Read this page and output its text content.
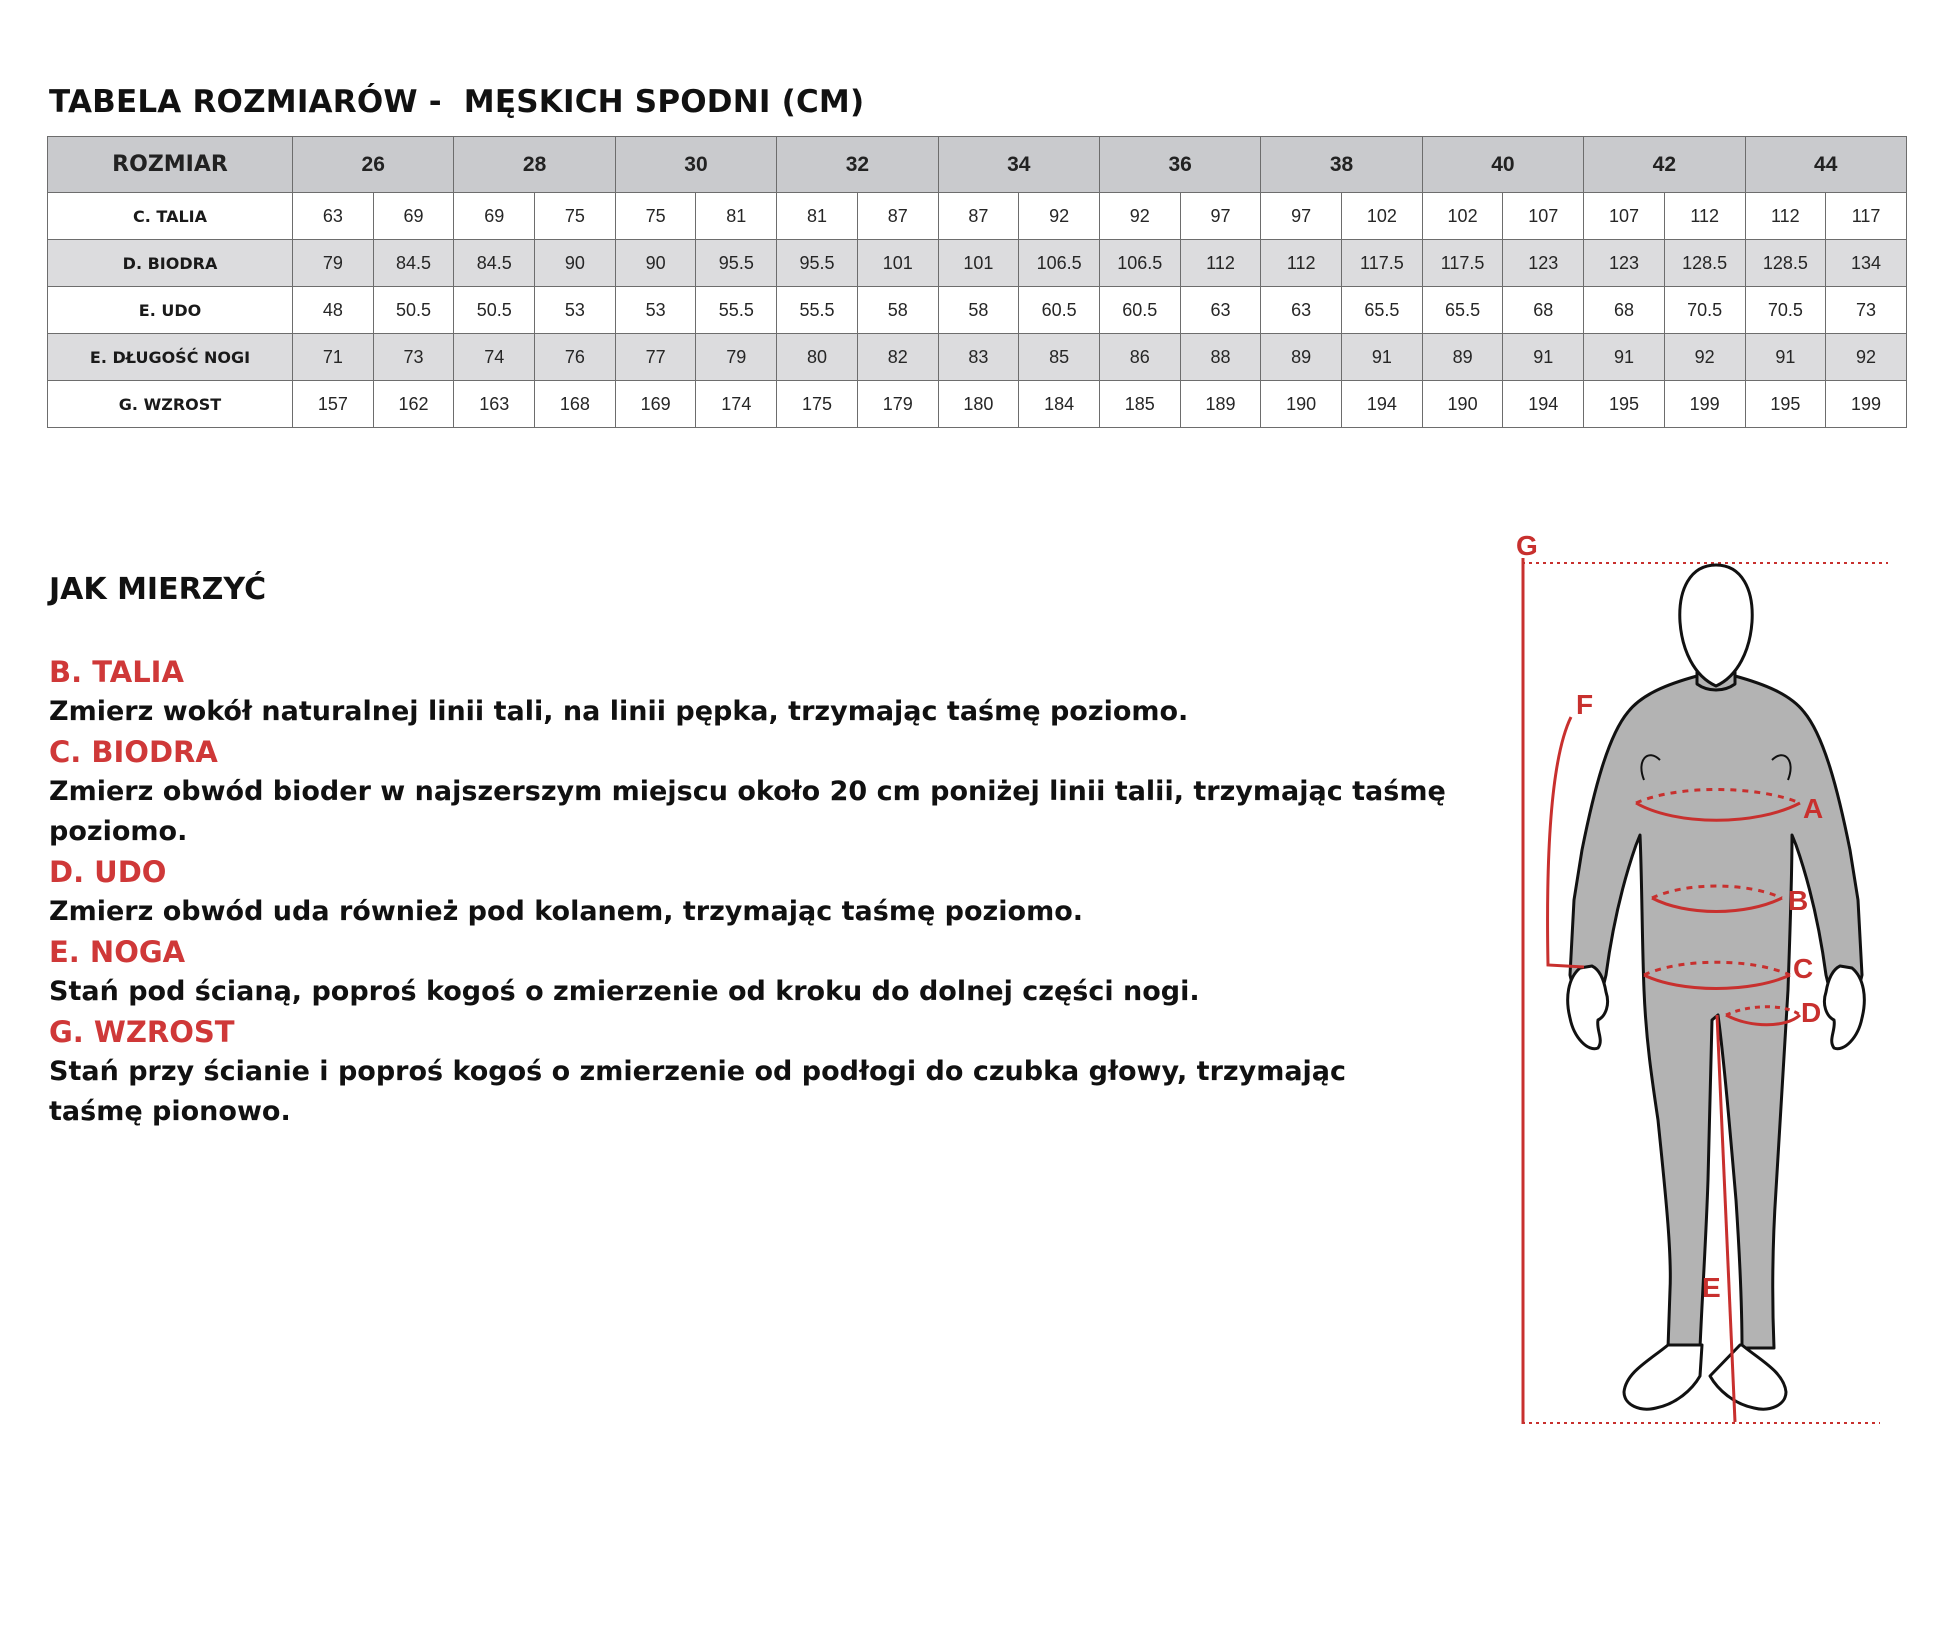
TABELA ROZMIARÓW -  MĘSKICH SPODNI (CM)
ROZMIAR	26		28		30		32		34		36		38		40		42		44	
C. TALIA	63	69	69	75	75	81	81	87	87	92	92	97	97	102	102	107	107	112	112	117
D. BIODRA	79	84.5	84.5	90	90	95.5	95.5	101	101	106.5	106.5	112	112	117.5	117.5	123	123	128.5	128.5	134
E. UDO	48	50.5	50.5	53	53	55.5	55.5	58	58	60.5	60.5	63	63	65.5	65.5	68	68	70.5	70.5	73
E. DŁUGOŚĆ NOGI	71	73	74	76	77	79	80	82	83	85	86	88	89	91	89	91	91	92	91	92
G. WZROST	157	162	163	168	169	174	175	179	180	184	185	189	190	194	190	194	195	199	195	199
JAK MIERZYĆ
B. TALIA
Zmierz wokół naturalnej linii tali, na linii pępka, trzymając taśmę poziomo.
C. BIODRA
Zmierz obwód bioder w najszerszym miejscu około 20 cm poniżej linii talii, trzymając taśmę poziomo.
D. UDO
Zmierz obwód uda również pod kolanem, trzymając taśmę poziomo.
E. NOGA
Stań pod ścianą, poproś kogoś o zmierzenie od kroku do dolnej części nogi.
G. WZROST
Stań przy ścianie i poproś kogoś o zmierzenie od podłogi do czubka głowy, trzymając taśmę pionowo.
G
F
A
B
C
D
E
